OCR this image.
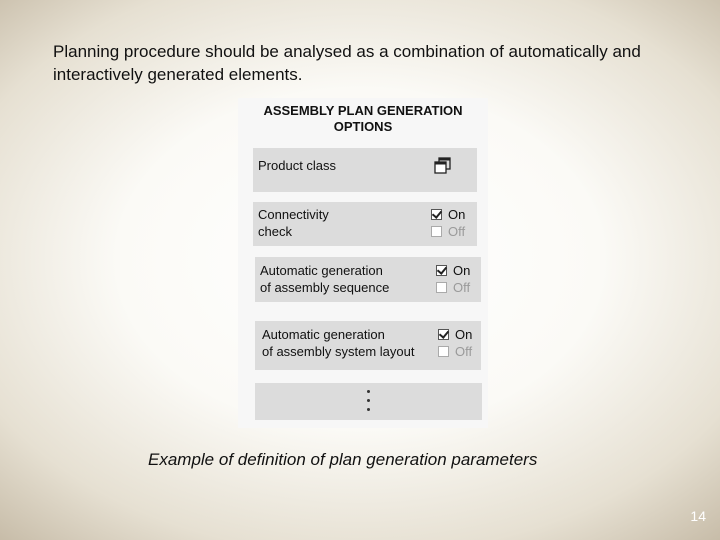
Planning procedure should be analysed as a combination of automatically and interactively generated elements.
ASSEMBLY PLAN GENERATION OPTIONS
Product class
Connectivity
check
On
Off
Automatic generation
of assembly sequence
On
Off
Automatic generation
of assembly system layout
On
Off
Example of definition of plan generation parameters
14
